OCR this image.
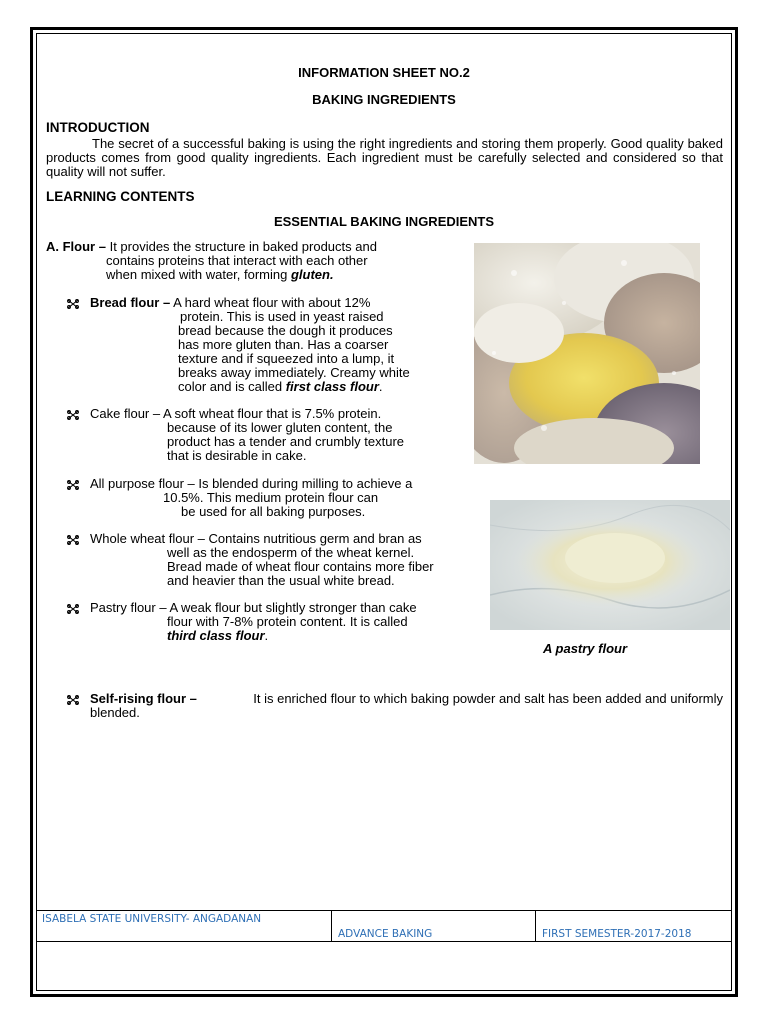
INFORMATION SHEET NO.2
BAKING INGREDIENTS
INTRODUCTION
The secret of a successful baking is using the right ingredients and storing them properly. Good quality baked products comes from good quality ingredients. Each ingredient must be carefully selected and considered so that quality will not suffer.
LEARNING CONTENTS
ESSENTIAL BAKING INGREDIENTS
A. Flour – It provides the structure in baked products and
contains proteins that interact with each other
when mixed with water, forming gluten.
Bread flour – A hard wheat flour with about 12%
protein. This is used in yeast raised
bread because the dough it produces
has more gluten than. Has a coarser
texture and if squeezed into a lump, it
breaks away immediately. Creamy white
color and is called first class flour.
Cake flour – A soft wheat flour that is 7.5% protein.
because of its lower gluten content, the
product has a tender and crumbly texture
that is desirable in cake.
All purpose flour – Is blended during milling to achieve a
10.5%. This medium protein flour can
be used for all baking purposes.
Whole wheat flour – Contains nutritious germ and bran as
well as the endosperm of the wheat kernel.
Bread made of wheat flour contains more fiber
and heavier than the usual white bread.
Pastry flour – A weak flour but slightly stronger than cake
flour with 7-8% protein content. It is called
third class flour.
Self-rising flour –	It is enriched flour to which baking powder and salt has been added and uniformly
blended.
A pastry flour
ISABELA STATE UNIVERSITY- ANGADANAN
ADVANCE BAKING	FIRST SEMESTER-2017-2018
